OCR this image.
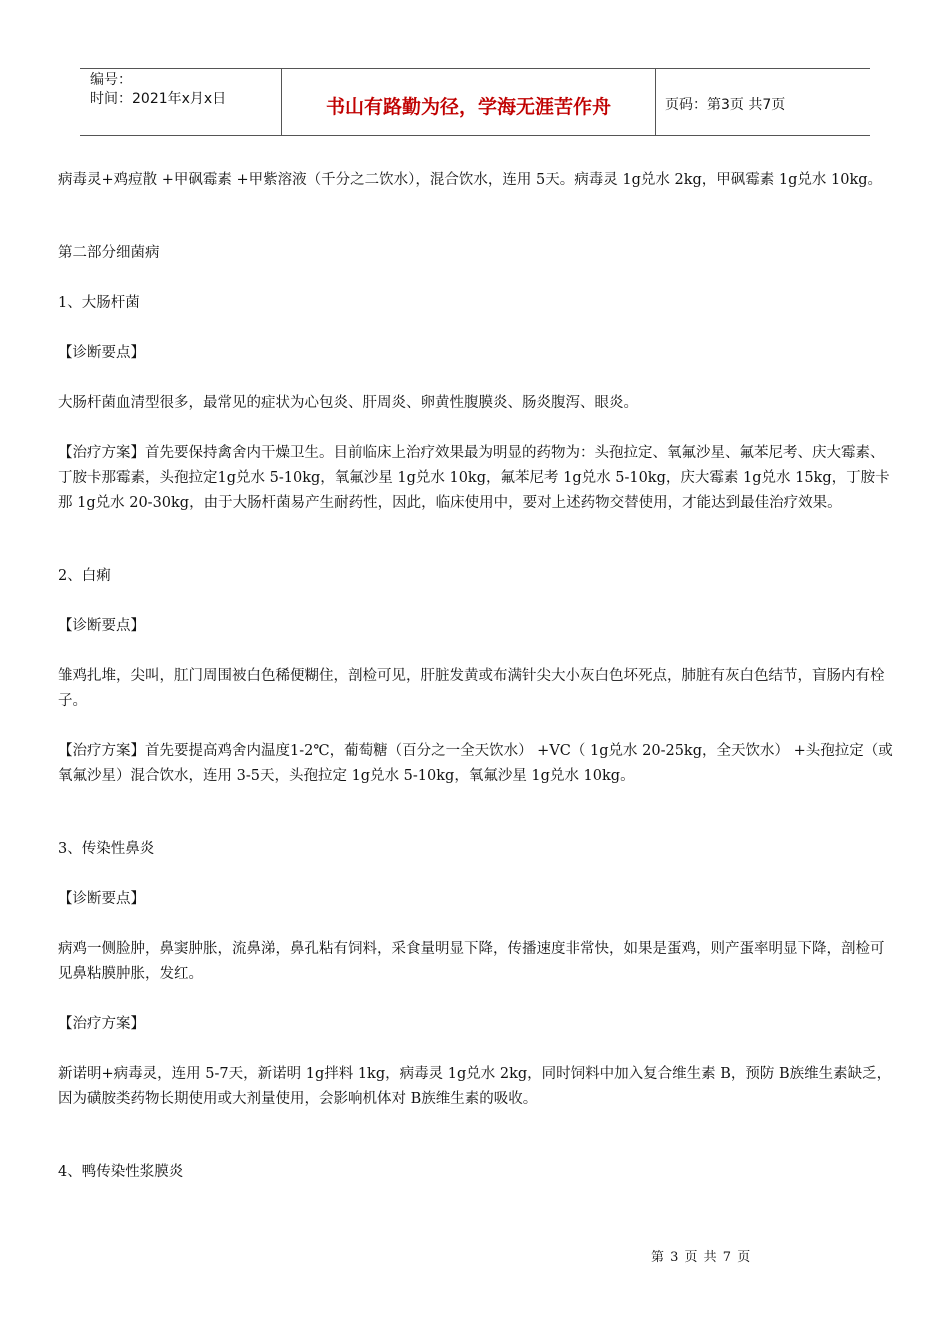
编号：
时间：2021年x月x日	书山有路勤为径，学海无涯苦作舟	页码：第3页 共7页

病毒灵+鸡痘散 +甲砜霉素 +甲紫溶液（千分之二饮水），混合饮水，连用 5天。病毒灵 1g兑水 2kg，甲砜霉素 1g兑水 10kg。

第二部分细菌病

1、大肠杆菌

【诊断要点】

大肠杆菌血清型很多，最常见的症状为心包炎、肝周炎、卵黄性腹膜炎、肠炎腹泻、眼炎。

【治疗方案】首先要保持禽舍内干燥卫生。目前临床上治疗效果最为明显的药物为：头孢拉定、氧氟沙星、氟苯尼考、庆大霉素、丁胺卡那霉素，头孢拉定1g兑水 5-10kg，氧氟沙星 1g兑水 10kg，氟苯尼考 1g兑水 5-10kg，庆大霉素 1g兑水 15kg，丁胺卡那 1g兑水 20-30kg，由于大肠杆菌易产生耐药性，因此，临床使用中，要对上述药物交替使用，才能达到最佳治疗效果。

2、白痢

【诊断要点】

雏鸡扎堆，尖叫，肛门周围被白色稀便糊住，剖检可见，肝脏发黄或布满针尖大小灰白色坏死点，肺脏有灰白色结节，盲肠内有栓子。

【治疗方案】首先要提高鸡舍内温度1-2℃，葡萄糖（百分之一全天饮水） +VC（ 1g兑水 20-25kg，全天饮水） +头孢拉定（或氧氟沙星）混合饮水，连用 3-5天，头孢拉定 1g兑水 5-10kg，氧氟沙星 1g兑水 10kg。

3、传染性鼻炎

【诊断要点】

病鸡一侧脸肿，鼻窦肿胀，流鼻涕，鼻孔粘有饲料，采食量明显下降，传播速度非常快，如果是蛋鸡，则产蛋率明显下降，剖检可见鼻粘膜肿胀，发红。

【治疗方案】

新诺明+病毒灵，连用 5-7天，新诺明 1g拌料 1kg，病毒灵 1g兑水 2kg，同时饲料中加入复合维生素 B，预防 B族维生素缺乏，因为磺胺类药物长期使用或大剂量使用，会影响机体对 B族维生素的吸收。

4、鸭传染性浆膜炎

第 3 页 共 7 页
